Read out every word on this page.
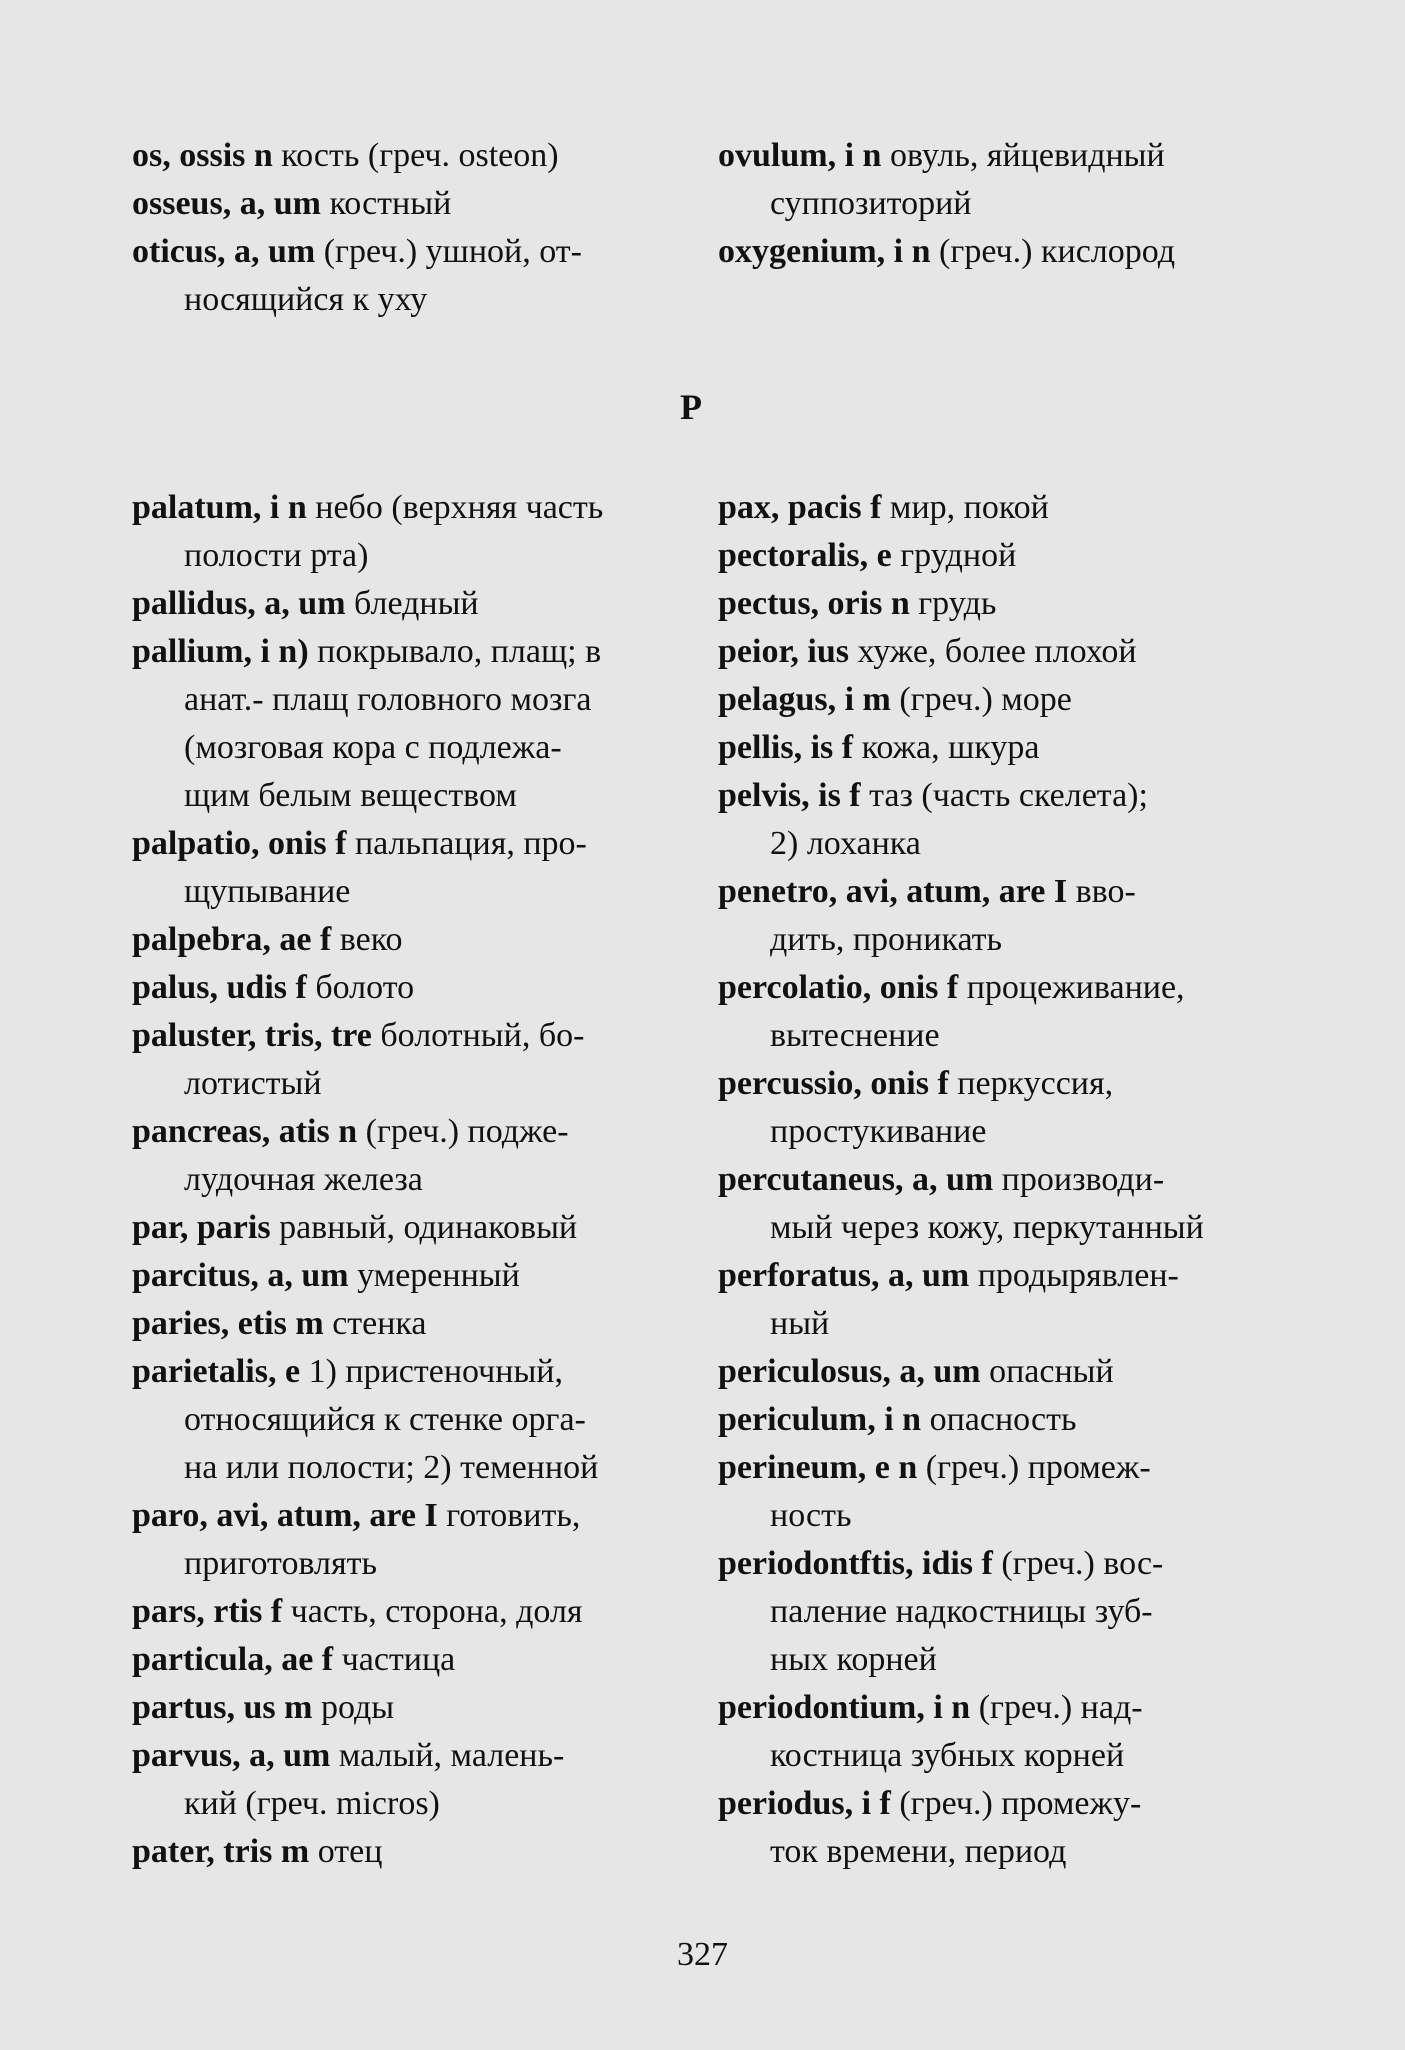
os, ossis n кость (греч. osteon)
osseus, a, um костный
oticus, a, um (греч.) ушной, от-
носящийся к уху
palatum, i n небо (верхняя часть
полости рта)
pallidus, a, um бледный
pallium, i n) покрывало, плащ; в
анат.- плащ головного мозга
(мозговая кора с подлежа-
щим белым веществом
palpatio, onis f пальпация, про-
щупывание
palpebra, ae f веко
palus, udis f болото
paluster, tris, tre болотный, бо-
лотистый
pancreas, atis n (греч.) подже-
лудочная железа
par, paris равный, одинаковый
parcitus, a, um умеренный
paries, etis m стенка
parietalis, e 1) пристеночный,
относящийся к стенке орга-
на или полости; 2) теменной
paro, avi, atum, are I готовить,
приготовлять
pars, rtis f часть, сторона, доля
particula, ae f частица
partus, us m роды
parvus, a, um малый, малень-
кий (греч. micros)
pater, tris m отец
P
ovulum, i n овуль, яйцевидный
суппозиторий
oxygenium, i n (греч.) кислород
pax, pacis f мир, покой
pectoralis, e грудной
pectus, oris n грудь
peior, ius хуже, более плохой
pelagus, i m (греч.) море
pellis, is f кожа, шкура
pelvis, is f таз (часть скелета);
2) лоханка
penetro, avi, atum, are I вво-
дить, проникать
percolatio, onis f процеживание,
вытеснение
percussio, onis f перкуссия,
простукивание
percutaneus, a, um производи-
мый через кожу, перкутанный
perforatus, a, um продырявлен-
ный
periculosus, a, um опасный
periculum, i n опасность
perineum, e n (греч.) промеж-
ность
periodontftis, idis f (греч.) вос-
паление надкостницы зуб-
ных корней
periodontium, i n (греч.) над-
костница зубных корней
periodus, i f (греч.) промежу-
ток времени, период
327
